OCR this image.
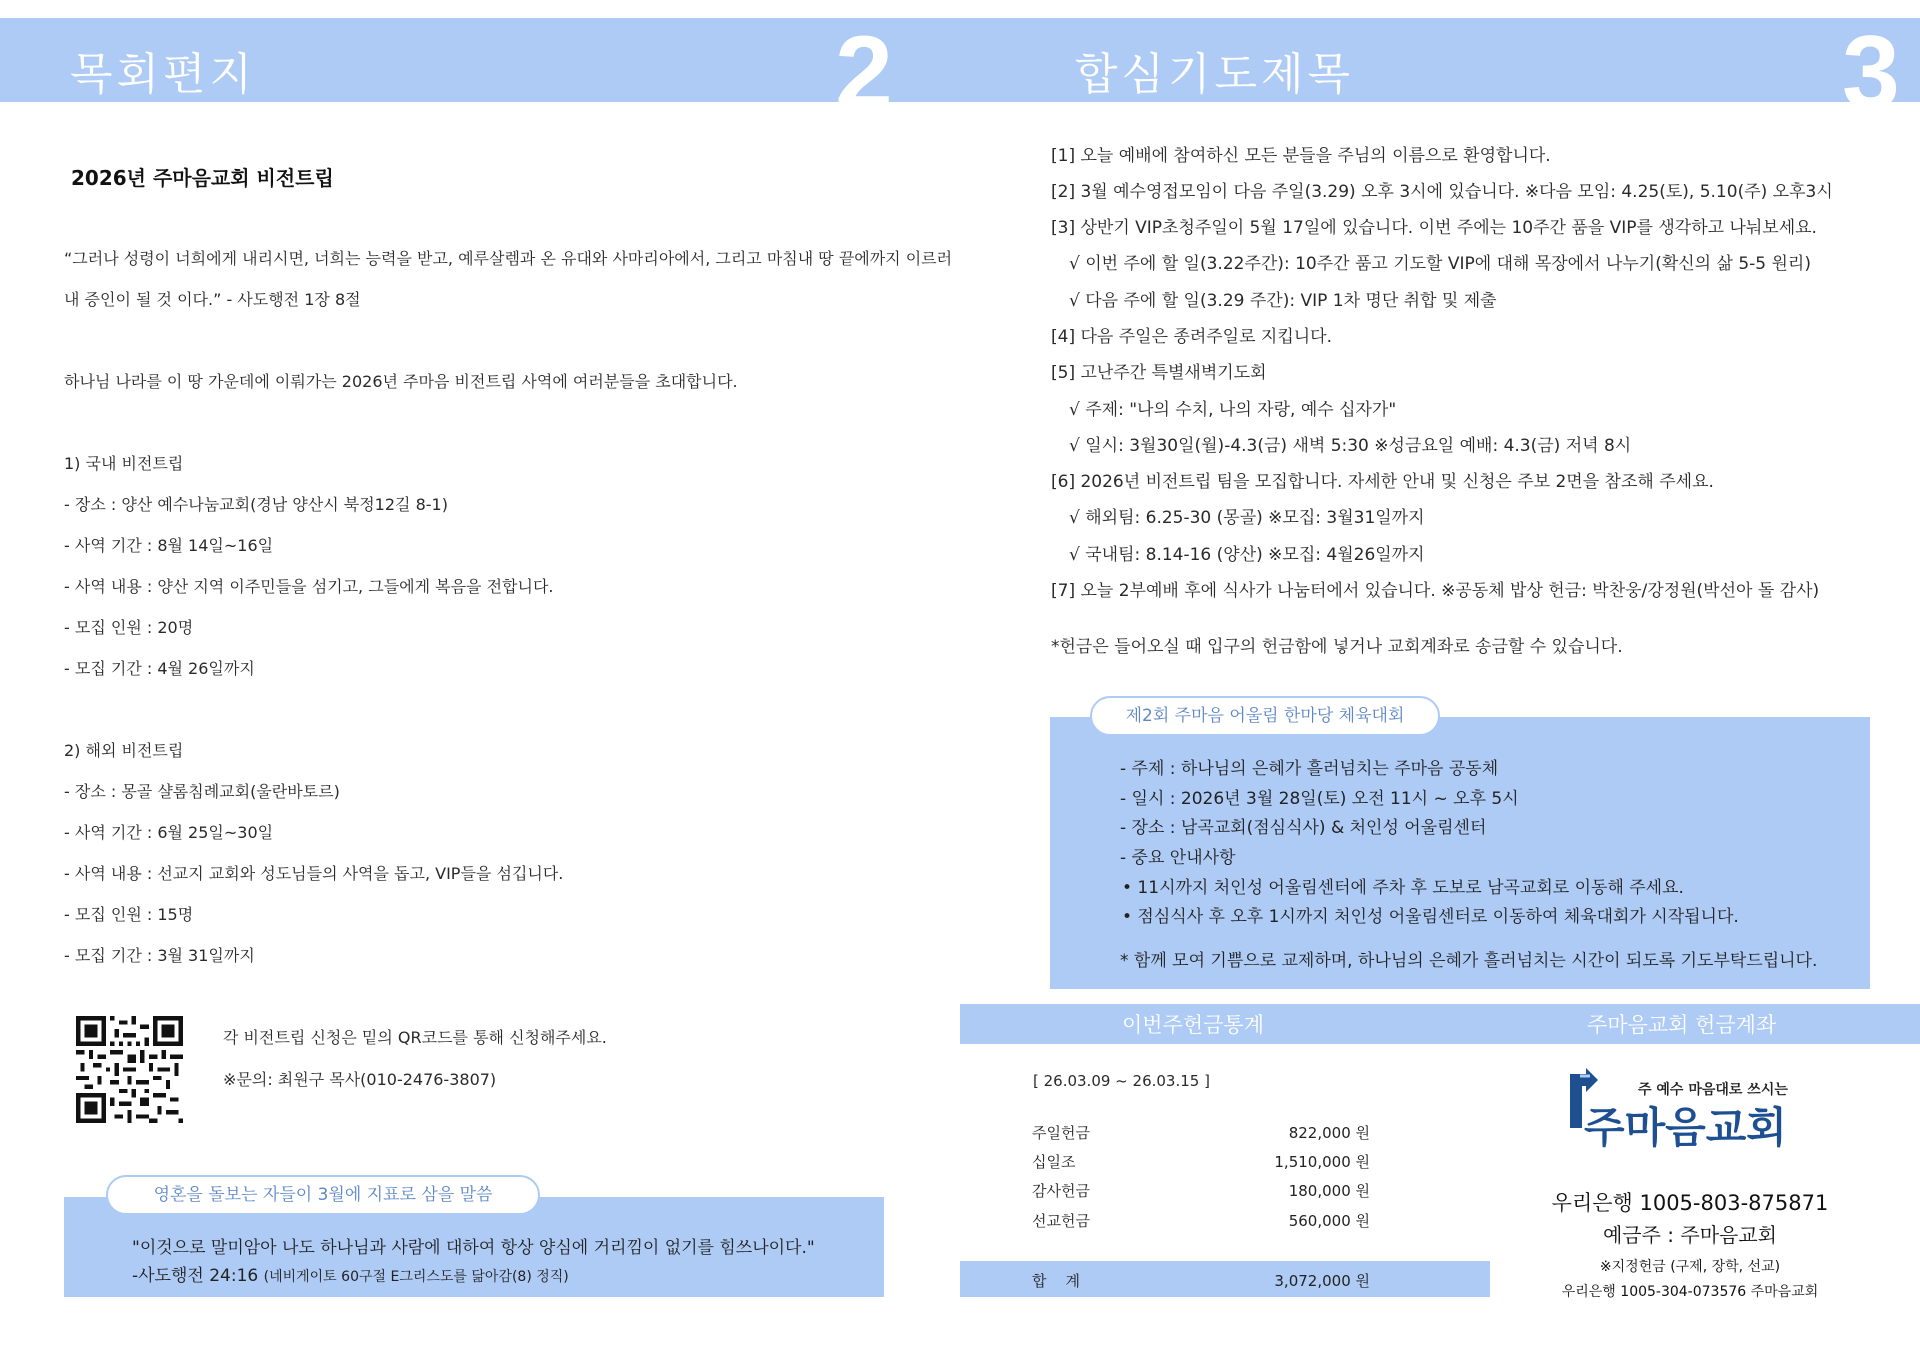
목회편지	2	합심기도제목	3
2026년 주마음교회 비전트립
“그러나 성령이 너희에게 내리시면, 너희는 능력을 받고, 예루살렘과 온 유대와 사마리아에서, 그리고 마침내 땅 끝에까지 이르러
내 증인이 될 것 이다.” - 사도행전 1장 8절
하나님 나라를 이 땅 가운데에 이뤄가는 2026년 주마음 비전트립 사역에 여러분들을 초대합니다.
1) 국내 비전트립
- 장소 : 양산 예수나눔교회(경남 양산시 북정12길 8-1)
- 사역 기간 : 8월 14일~16일
- 사역 내용 : 양산 지역 이주민들을 섬기고, 그들에게 복음을 전합니다.
- 모집 인원 : 20명
- 모집 기간 : 4월 26일까지
2) 해외 비전트립
- 장소 : 몽골 샬롬침례교회(울란바토르)
- 사역 기간 : 6월 25일~30일
- 사역 내용 : 선교지 교회와 성도님들의 사역을 돕고, VIP들을 섬깁니다.
- 모집 인원 : 15명
- 모집 기간 : 3월 31일까지
각 비전트립 신청은 밑의 QR코드를 통해 신청해주세요.
※문의: 최원구 목사(010-2476-3807)
영혼을 돌보는 자들이 3월에 지표로 삼을 말씀
"이것으로 말미암아 나도 하나님과 사람에 대하여 항상 양심에 거리낌이 없기를 힘쓰나이다."
-사도행전 24:16 (네비게이토 60구절 E그리스도를 닮아감(8) 정직)
[1] 오늘 예배에 참여하신 모든 분들을 주님의 이름으로 환영합니다.
[2] 3월 예수영접모임이 다음 주일(3.29) 오후 3시에 있습니다. ※다음 모임: 4.25(토), 5.10(주) 오후3시
[3] 상반기 VIP초청주일이 5월 17일에 있습니다. 이번 주에는 10주간 품을 VIP를 생각하고 나눠보세요.
√ 이번 주에 할 일(3.22주간): 10주간 품고 기도할 VIP에 대해 목장에서 나누기(확신의 삶 5-5 원리)
√ 다음 주에 할 일(3.29 주간): VIP 1차 명단 취합 및 제출
[4] 다음 주일은 종려주일로 지킵니다.
[5] 고난주간 특별새벽기도회
√ 주제: "나의 수치, 나의 자랑, 예수 십자가"
√ 일시: 3월30일(월)-4.3(금) 새벽 5:30 ※성금요일 예배: 4.3(금) 저녁 8시
[6] 2026년 비전트립 팀을 모집합니다. 자세한 안내 및 신청은 주보 2면을 참조해 주세요.
√ 해외팀: 6.25-30 (몽골) ※모집: 3월31일까지
√ 국내팀: 8.14-16 (양산) ※모집: 4월26일까지
[7] 오늘 2부예배 후에 식사가 나눔터에서 있습니다. ※공동체 밥상 헌금: 박찬웅/강정원(박선아 돌 감사)
*헌금은 들어오실 때 입구의 헌금함에 넣거나 교회계좌로 송금할 수 있습니다.
제2회 주마음 어울림 한마당 체육대회
- 주제 : 하나님의 은혜가 흘러넘치는 주마음 공동체
- 일시 : 2026년 3월 28일(토) 오전 11시 ~ 오후 5시
- 장소 : 남곡교회(점심식사) & 처인성 어울림센터
- 중요 안내사항
• 11시까지 처인성 어울림센터에 주차 후 도보로 남곡교회로 이동해 주세요.
• 점심식사 후 오후 1시까지 처인성 어울림센터로 이동하여 체육대회가 시작됩니다.
* 함께 모여 기쁨으로 교제하며, 하나님의 은혜가 흘러넘치는 시간이 되도록 기도부탁드립니다.
이번주헌금통계	주마음교회 헌금계좌
[ 26.03.09 ~ 26.03.15 ]
주일헌금	822,000 원
십일조	1,510,000 원
감사헌금	180,000 원
선교헌금	560,000 원
합    계	3,072,000 원
주 예수 마음대로 쓰시는
주마음교회
우리은행 1005-803-875871
예금주 : 주마음교회
※지정헌금 (구제, 장학, 선교)
우리은행 1005-304-073576 주마음교회
